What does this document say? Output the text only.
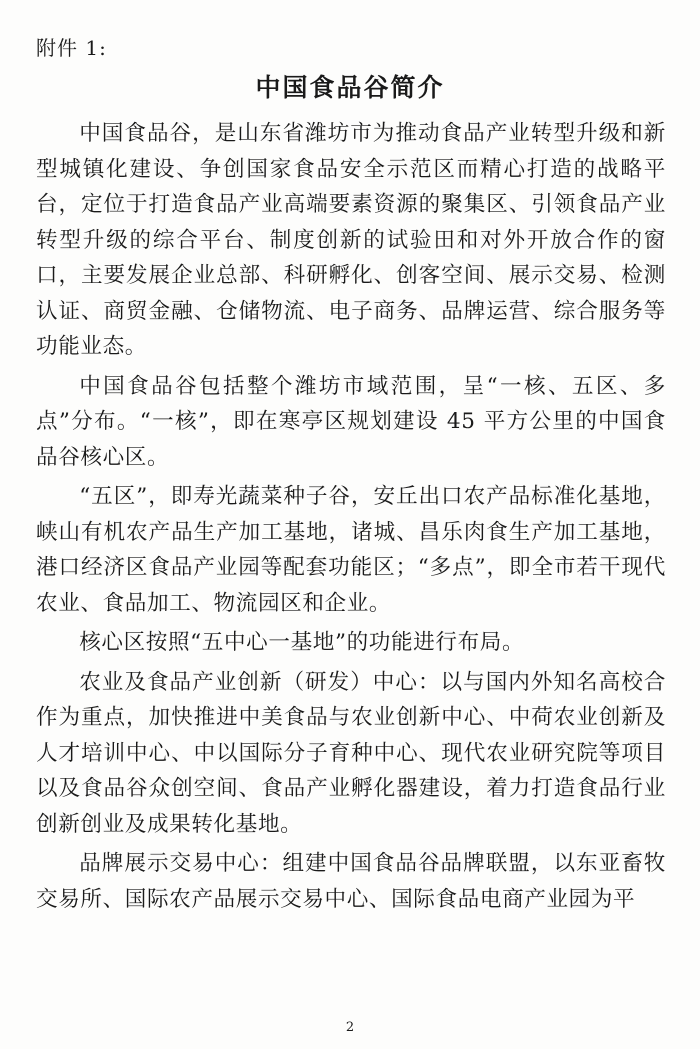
附件 1:
中国食品谷简介

中国食品谷，是山东省潍坊市为推动食品产业转型升级和新型城镇化建设、争创国家食品安全示范区而精心打造的战略平台，定位于打造食品产业高端要素资源的聚集区、引领食品产业转型升级的综合平台、制度创新的试验田和对外开放合作的窗口，主要发展企业总部、科研孵化、创客空间、展示交易、检测认证、商贸金融、仓储物流、电子商务、品牌运营、综合服务等功能业态。

中国食品谷包括整个潍坊市域范围，呈“一核、五区、多点”分布。“一核”，即在寒亭区规划建设 45 平方公里的中国食品谷核心区。

“五区”，即寿光蔬菜种子谷，安丘出口农产品标准化基地，峡山有机农产品生产加工基地，诸城、昌乐肉食生产加工基地，港口经济区食品产业园等配套功能区；“多点”，即全市若干现代农业、食品加工、物流园区和企业。

核心区按照“五中心一基地”的功能进行布局。

农业及食品产业创新（研发）中心：以与国内外知名高校合作为重点，加快推进中美食品与农业创新中心、中荷农业创新及人才培训中心、中以国际分子育种中心、现代农业研究院等项目以及食品谷众创空间、食品产业孵化器建设，着力打造食品行业创新创业及成果转化基地。

品牌展示交易中心：组建中国食品谷品牌联盟，以东亚畜牧交易所、国际农产品展示交易中心、国际食品电商产业园为平

2
